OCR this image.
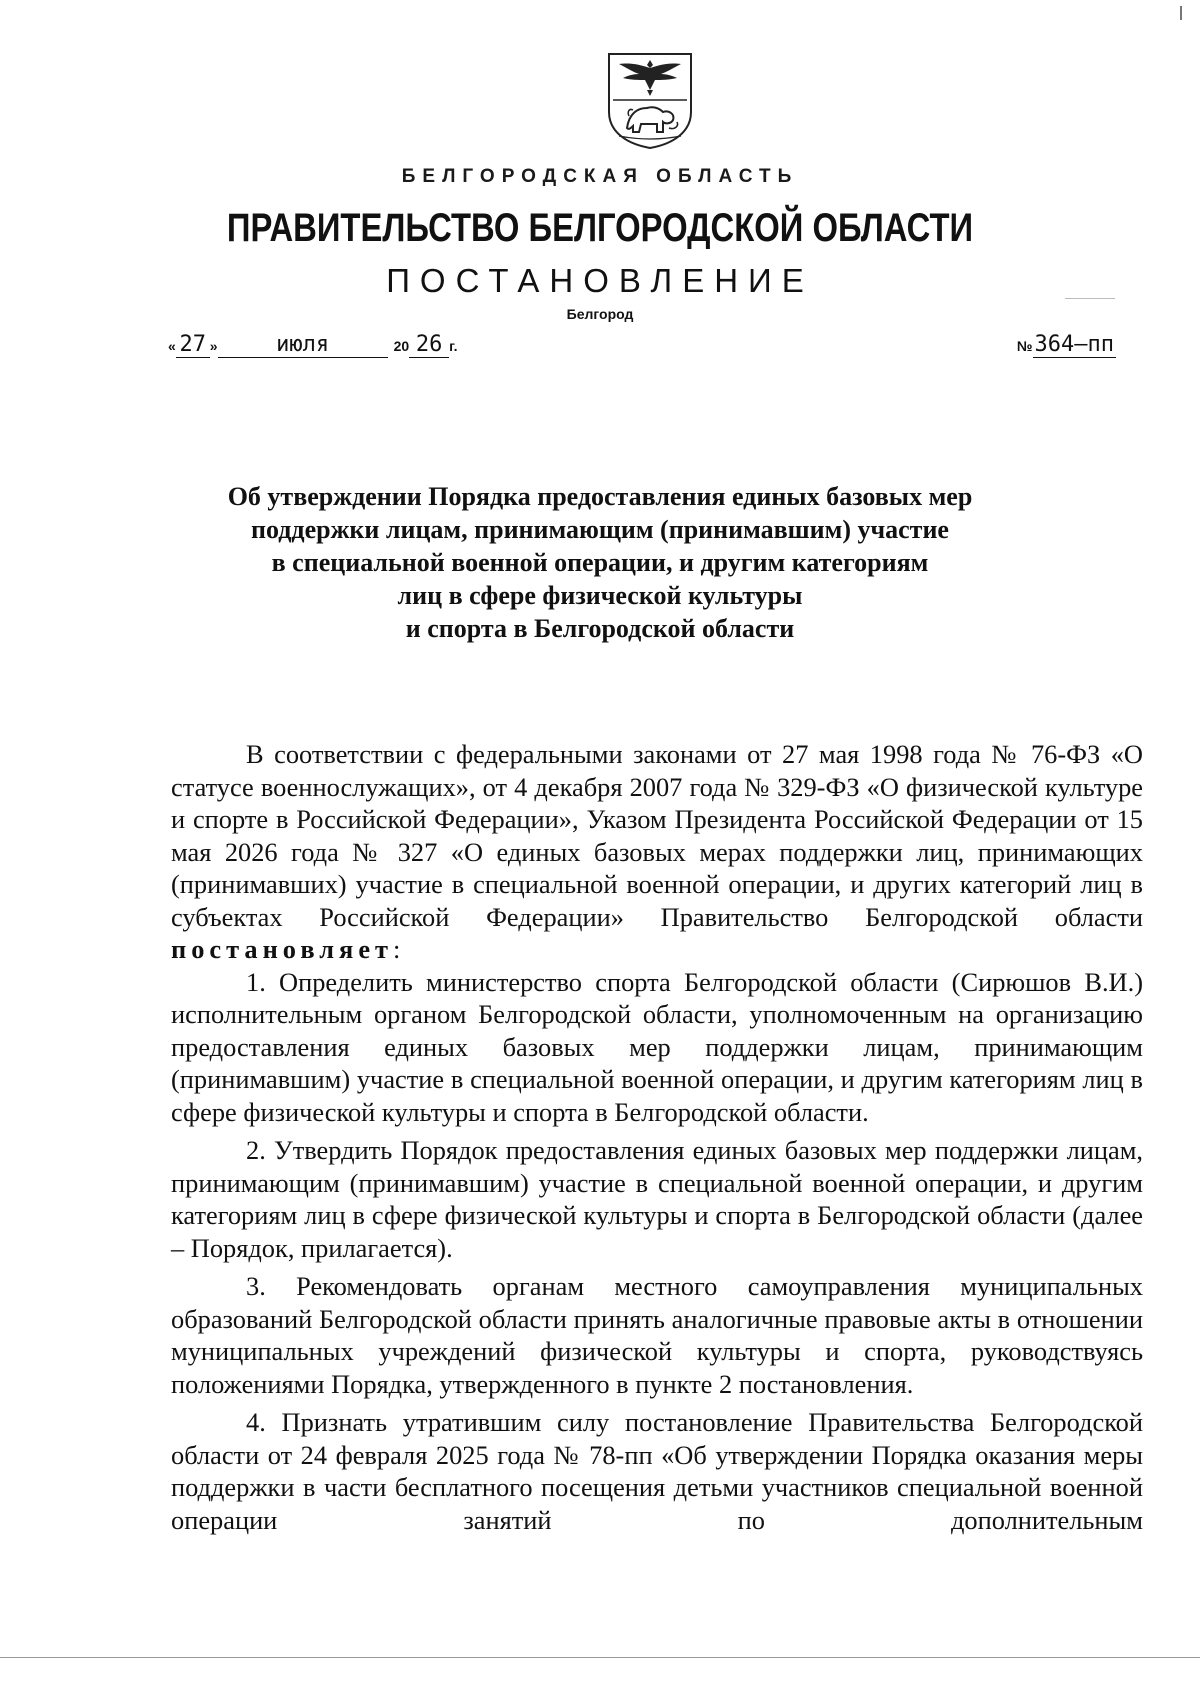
БЕЛГОРОДСКАЯ ОБЛАСТЬ
ПРАВИТЕЛЬСТВО БЕЛГОРОДСКОЙ ОБЛАСТИ
ПОСТАНОВЛЕНИЕ
Белгород
« 27 »	июля	20 26 г.	№364–пп
Об утверждении Порядка предоставления единых базовых мер
поддержки лицам, принимающим (принимавшим) участие
в специальной военной операции, и другим категориям
лиц в сфере физической культуры
и спорта в Белгородской области

В соответствии с федеральными законами от 27 мая 1998 года № 76-ФЗ «О статусе военнослужащих», от 4 декабря 2007 года № 329-ФЗ «О физической культуре и спорте в Российской Федерации», Указом Президента Российской Федерации от 15 мая 2026 года № 327 «О единых базовых мерах поддержки лиц, принимающих (принимавших) участие в специальной военной операции, и других категорий лиц в субъектах Российской Федерации» Правительство Белгородской области постановляет:

1. Определить министерство спорта Белгородской области (Сирюшов В.И.) исполнительным органом Белгородской области, уполномоченным на организацию предоставления единых базовых мер поддержки лицам, принимающим (принимавшим) участие в специальной военной операции, и другим категориям лиц в сфере физической культуры и спорта в Белгородской области.

2. Утвердить Порядок предоставления единых базовых мер поддержки лицам, принимающим (принимавшим) участие в специальной военной операции, и другим категориям лиц в сфере физической культуры и спорта в Белгородской области (далее – Порядок, прилагается).

3. Рекомендовать органам местного самоуправления муниципальных образований Белгородской области принять аналогичные правовые акты в отношении муниципальных учреждений физической культуры и спорта, руководствуясь положениями Порядка, утвержденного в пункте 2 постановления.

4. Признать утратившим силу постановление Правительства Белгородской области от 24 февраля 2025 года № 78-пп «Об утверждении Порядка оказания меры поддержки в части бесплатного посещения детьми участников специальной военной операции занятий по дополнительным
